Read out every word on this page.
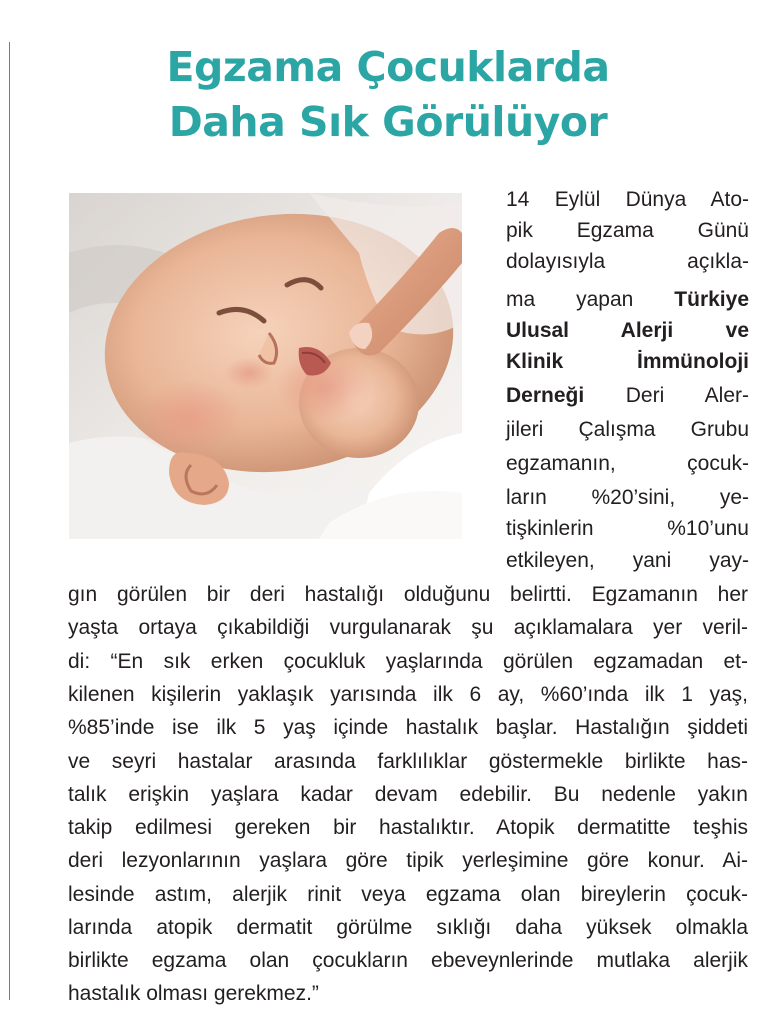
Egzama Çocuklarda
Daha Sık Görülüyor
14 Eylül Dünya Ato-
pik Egzama Günü
dolayısıyla açıkla-
ma yapan Türkiye
Ulusal Alerji ve
Klinik İmmünoloji
Derneği Deri Aler-
jileri Çalışma Grubu
egzamanın, çocuk-
ların %20’sini, ye-
tişkinlerin %10’unu
etkileyen, yani yay-
gın görülen bir deri hastalığı olduğunu belirtti. Egzamanın her
yaşta ortaya çıkabildiği vurgulanarak şu açıklamalara yer veril-
di: “En sık erken çocukluk yaşlarında görülen egzamadan et-
kilenen kişilerin yaklaşık yarısında ilk 6 ay, %60’ında ilk 1 yaş,
%85’inde ise ilk 5 yaş içinde hastalık başlar. Hastalığın şiddeti
ve seyri hastalar arasında farklılıklar göstermekle birlikte has-
talık erişkin yaşlara kadar devam edebilir. Bu nedenle yakın
takip edilmesi gereken bir hastalıktır. Atopik dermatitte teşhis
deri lezyonlarının yaşlara göre tipik yerleşimine göre konur. Ai-
lesinde astım, alerjik rinit veya egzama olan bireylerin çocuk-
larında atopik dermatit görülme sıklığı daha yüksek olmakla
birlikte egzama olan çocukların ebeveynlerinde mutlaka alerjik
hastalık olması gerekmez.”
